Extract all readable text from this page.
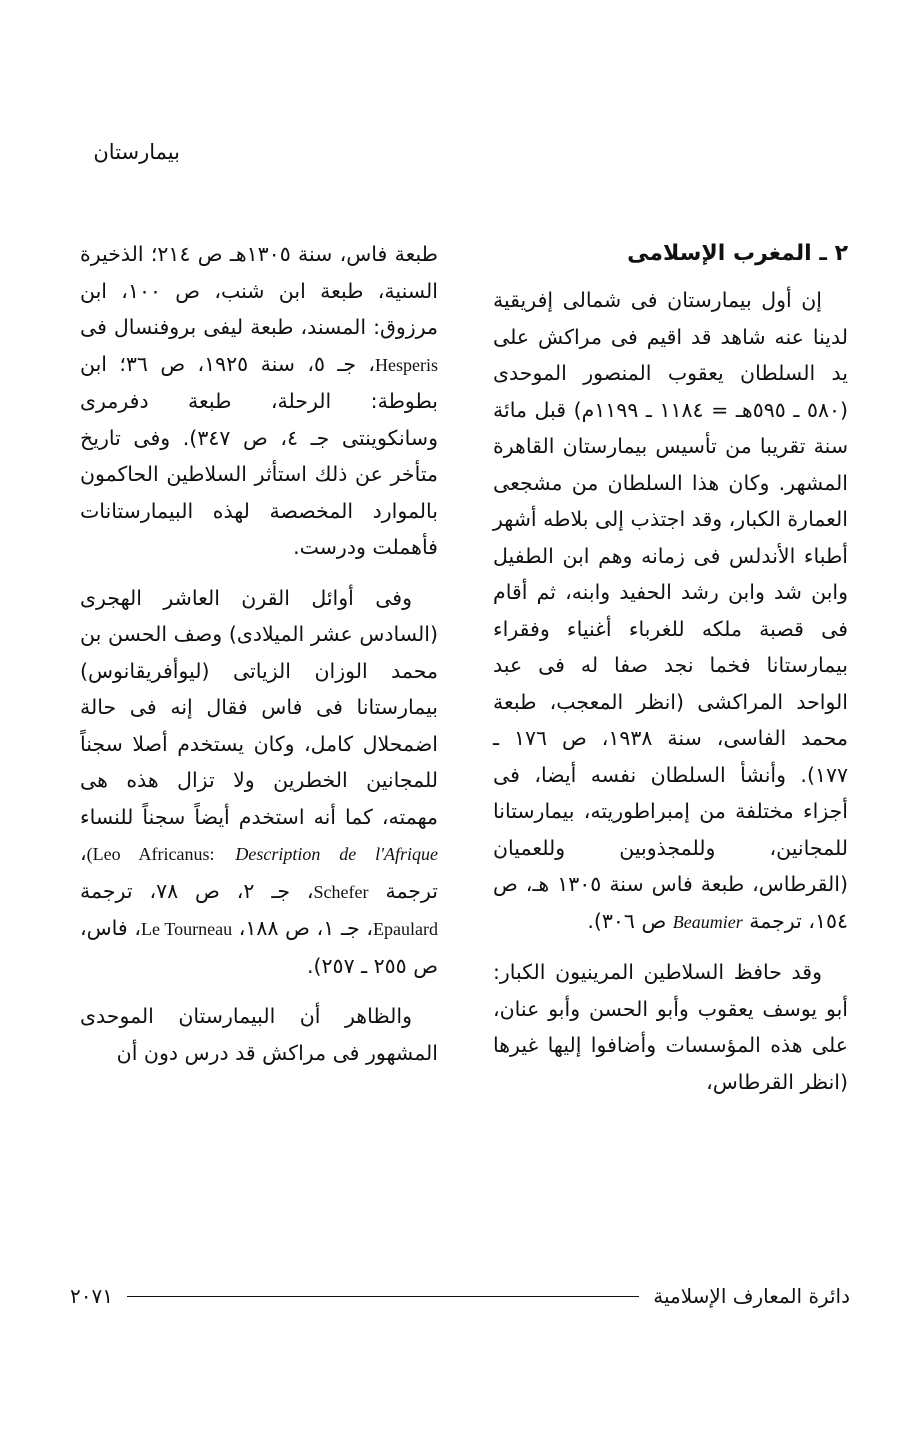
بيمارستان
٢ ـ المغرب الإسلامى

إن أول بيمارستان فى شمالى إفريقية لدينا عنه شاهد قد اقيم فى مراكش على يد السلطان يعقوب المنصور الموحدى (٥٨٠ ـ ٥٩٥هـ = ١١٨٤ ـ ١١٩٩م) قبل مائة سنة تقريبا من تأسيس بيمارستان القاهرة المشهر. وكان هذا السلطان من مشجعى العمارة الكبار، وقد اجتذب إلى بلاطه أشهر أطباء الأندلس فى زمانه وهم ابن الطفيل وابن شد وابن رشد الحفيد وابنه، ثم أقام فى قصبة ملكه للغرباء أغنياء وفقراء بيمارستانا فخما نجد صفا له فى عبد الواحد المراكشى (انظر المعجب، طبعة محمد الفاسى، سنة ١٩٣٨، ص ١٧٦ ـ ١٧٧). وأنشأ السلطان نفسه أيضا، فى أجزاء مختلفة من إمبراطوريته، بيمارستانا للمجانين، وللمجذوبين وللعميان (القرطاس، طبعة فاس سنة ١٣٠٥ هـ، ص ١٥٤، ترجمة Beaumier ص ٣٠٦).

وقد حافظ السلاطين المرينيون الكبار: أبو يوسف يعقوب وأبو الحسن وأبو عنان، على هذه المؤسسات وأضافوا إليها غيرها (انظر القرطاس،

طبعة فاس، سنة ١٣٠٥هـ ص ٢١٤؛ الذخيرة السنية، طبعة ابن شنب، ص ١٠٠، ابن مرزوق: المسند، طبعة ليفى بروفنسال فى Hesperis، جـ ٥، سنة ١٩٢٥، ص ٣٦؛ ابن بطوطة: الرحلة، طبعة دفرمرى وسانكوينتى جـ ٤، ص ٣٤٧). وفى تاريخ متأخر عن ذلك استأثر السلاطين الحاكمون بالموارد المخصصة لهذه البيمارستانات فأهملت ودرست.

وفى أوائل القرن العاشر الهجرى (السادس عشر الميلادى) وصف الحسن بن محمد الوزان الزياتى (ليوأفريقانوس) بيمارستانا فى فاس فقال إنه فى حالة اضمحلال كامل، وكان يستخدم أصلا سجناً للمجانين الخطرين ولا تزال هذه هى مهمته، كما أنه استخدم أيضاً سجناً للنساء (Leo Africanus: Description de l'Afrique، ترجمة Schefer، جـ ٢، ص ٧٨، ترجمة Epaulard، جـ ١، ص ١٨٨، Le Tourneau، فاس، ص ٢٥٥ ـ ٢٥٧).

والظاهر أن البيمارستان الموحدى المشهور فى مراكش قد درس دون أن

دائرة المعارف الإسلامية
٢٠٧١
